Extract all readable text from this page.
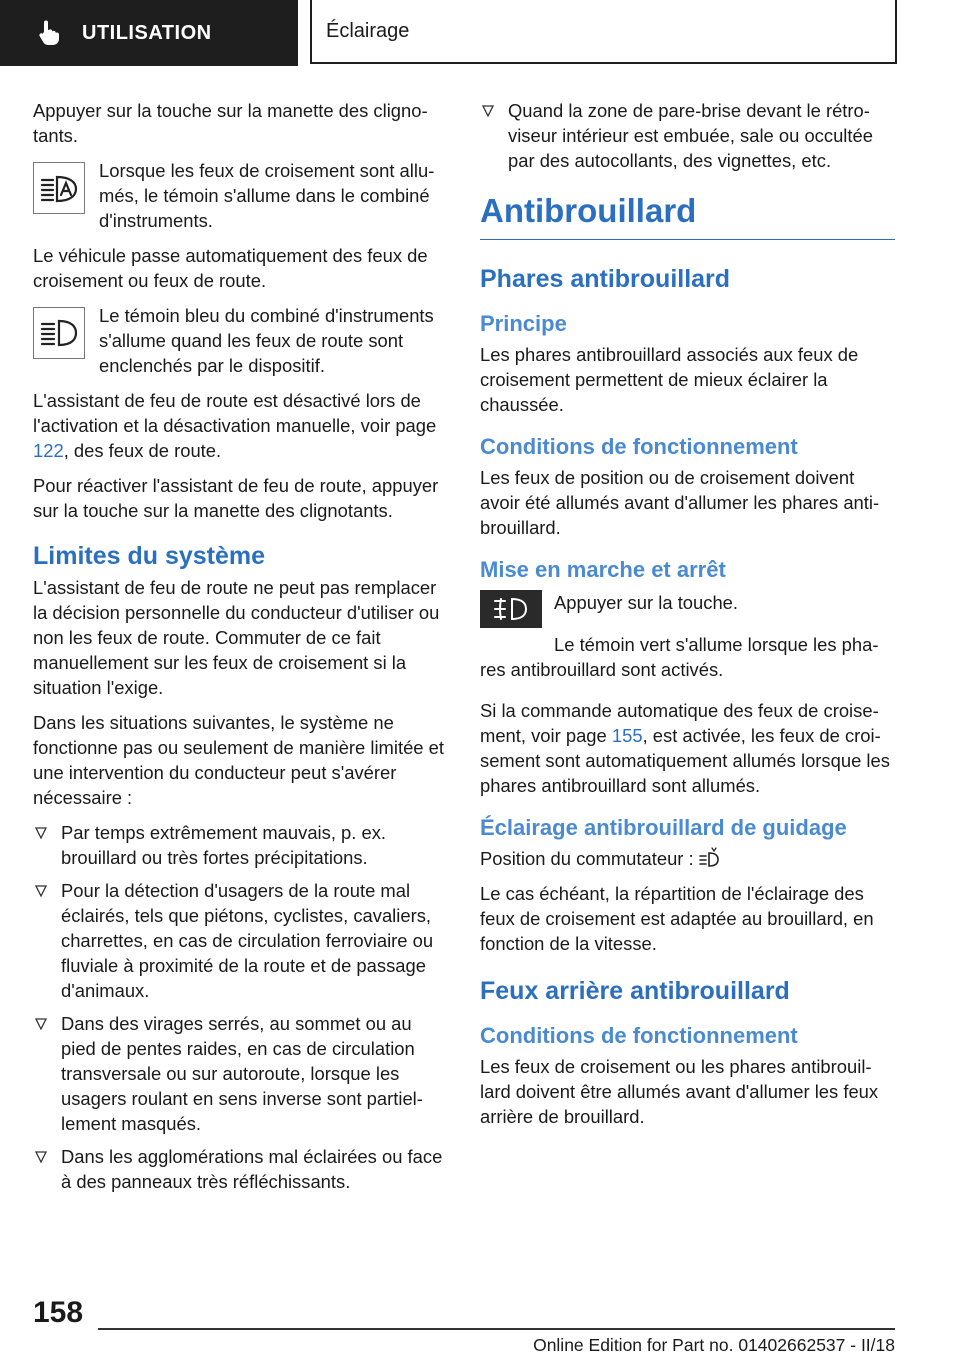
UTILISATION	Éclairage

Appuyer sur la touche sur la manette des clignotants.

Lorsque les feux de croisement sont allumés, le témoin s'allume dans le combiné d'instruments.

Le véhicule passe automatiquement des feux de croisement ou feux de route.

Le témoin bleu du combiné d'instruments s'allume quand les feux de route sont enclenchés par le dispositif.

L'assistant de feu de route est désactivé lors de l'activation et la désactivation manuelle, voir page 122, des feux de route.

Pour réactiver l'assistant de feu de route, appuyer sur la touche sur la manette des clignotants.

Limites du système

L'assistant de feu de route ne peut pas remplacer la décision personnelle du conducteur d'utiliser ou non les feux de route. Commuter de ce fait manuellement sur les feux de croisement si la situation l'exige.

Dans les situations suivantes, le système ne fonctionne pas ou seulement de manière limitée et une intervention du conducteur peut s'avérer nécessaire :

Par temps extrêmement mauvais, p. ex. brouillard ou très fortes précipitations.
Pour la détection d'usagers de la route mal éclairés, tels que piétons, cyclistes, cavaliers, charrettes, en cas de circulation ferroviaire ou fluviale à proximité de la route et de passage d'animaux.
Dans des virages serrés, au sommet ou au pied de pentes raides, en cas de circulation transversale ou sur autoroute, lorsque les usagers roulant en sens inverse sont partiellement masqués.
Dans les agglomérations mal éclairées ou face à des panneaux très réfléchissants.
Quand la zone de pare-brise devant le rétroviseur intérieur est embuée, sale ou occultée par des autocollants, des vignettes, etc.
Antibrouillard
Phares antibrouillard
Principe

Les phares antibrouillard associés aux feux de croisement permettent de mieux éclairer la chaussée.

Conditions de fonctionnement

Les feux de position ou de croisement doivent avoir été allumés avant d'allumer les phares antibrouillard.

Mise en marche et arrêt

Appuyer sur la touche.

Le témoin vert s'allume lorsque les phares antibrouillard sont activés.

Si la commande automatique des feux de croisement, voir page 155, est activée, les feux de croisement sont automatiquement allumés lorsque les phares antibrouillard sont allumés.

Éclairage antibrouillard de guidage

Position du commutateur :

Le cas échéant, la répartition de l'éclairage des feux de croisement est adaptée au brouillard, en fonction de la vitesse.

Feux arrière antibrouillard
Conditions de fonctionnement

Les feux de croisement ou les phares antibrouillard doivent être allumés avant d'allumer les feux arrière de brouillard.

158
Online Edition for Part no. 01402662537 - II/18
